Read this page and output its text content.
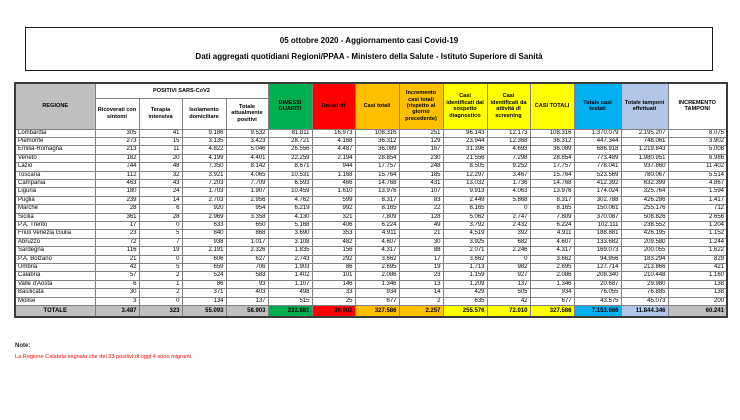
05 ottobre 2020 - Aggiornamento casi Covid-19
Dati aggregati quotidiani Regioni/PPAA - Ministero della Salute - Istituto Superiore di Sanità
REGIONE	POSITIVI SARS-CoV2				DIMESSI GUARITI	Deceduti	Casi totali	Incremento casi totali (rispetto al giorno precedente)	Casi identificati dal sospetto diagnostico	Casi identificati da attività di screening	CASI TOTALI	Totale casi testati	Totale tamponi effettuati	INCREMENTO TAMPONI
	Ricoverati con sintomi	Terapia intensiva	Isolamento domiciliare	Totale attualmente positivi										
Lombardia	305	41	9.186	9.532	81.811	16.973	108.316	251	96.143	12.173	108.316	1.370.079	2.195.207	8.075
Piemonte	273	15	3.135	3.423	28.721	4.168	36.312	129	23.944	12.368	36.312	447.344	748.061	3.902
Emilia-Romagna	213	11	4.822	5.046	26.556	4.487	36.089	167	31.396	4.693	36.089	686.918	1.219.843	5.008
Veneto	182	20	4.199	4.401	22.259	2.194	28.854	230	21.556	7.298	28.854	773.489	1.980.951	6.986
Lazio	744	48	7.350	8.142	8.671	944	17.757	248	8.505	9.252	17.757	778.041	937.860	11.402
Toscana	112	32	3.921	4.065	10.531	1.168	15.764	185	12.297	3.467	15.764	523.569	780.067	5.514
Campania	463	43	7.203	7.709	6.593	466	14.768	431	13.032	1.736	14.768	412.392	632.399	4.867
Liguria	180	24	1.703	1.907	10.459	1.610	13.976	107	9.913	4.063	13.976	174.024	325.764	1.594
Puglia	239	14	2.703	2.956	4.762	599	8.317	83	2.449	5.868	8.317	302.788	426.286	1.417
Marche	28	6	920	954	6.219	992	8.165	22	8.165	0	8.165	150.061	255.176	712
Sicilia	361	28	2.969	3.358	4.130	321	7.809	128	5.062	2.747	7.809	370.087	508.826	2.656
P.A. Trento	17	0	633	650	5.168	406	6.224	49	3.792	2.432	6.224	102.111	238.552	1.204
Friuli Venezia Giulia	23	5	840	868	3.690	353	4.911	21	4.519	392	4.911	188.881	426.195	1.152
Abruzzo	72	7	938	1.017	3.108	482	4.607	30	3.925	682	4.607	133.682	209.580	1.244
Sardegna	116	19	2.191	2.326	1.835	156	4.317	88	2.071	2.246	4.317	169.073	200.055	1.622
P.A. Bolzano	21	0	606	627	2.743	292	3.662	17	3.662	0	3.662	94.956	183.294	829
Umbria	42	5	659	706	1.903	86	2.695	19	1.713	982	2.695	127.714	213.866	421
Calabria	57	2	524	583	1.402	101	2.086	23	1.159	927	2.086	208.340	210.448	1.160
Valle d'Aosta	6	1	86	93	1.107	146	1.346	13	1.209	137	1.346	20.687	29.980	138
Basilicata	30	2	371	403	498	33	934	14	429	505	934	76.055	76.885	138
Molise	3	0	134	137	515	25	677	2	635	42	677	43.575	45.073	200
TOTALE	3.487	323	55.093	58.903	232.681	36.002	327.586	2.257	255.576	72.010	327.586	7.153.866	11.844.346	60.241
Note:
La Regione Calabria segnala che dei 23 positivi di oggi 4 sono migranti.
